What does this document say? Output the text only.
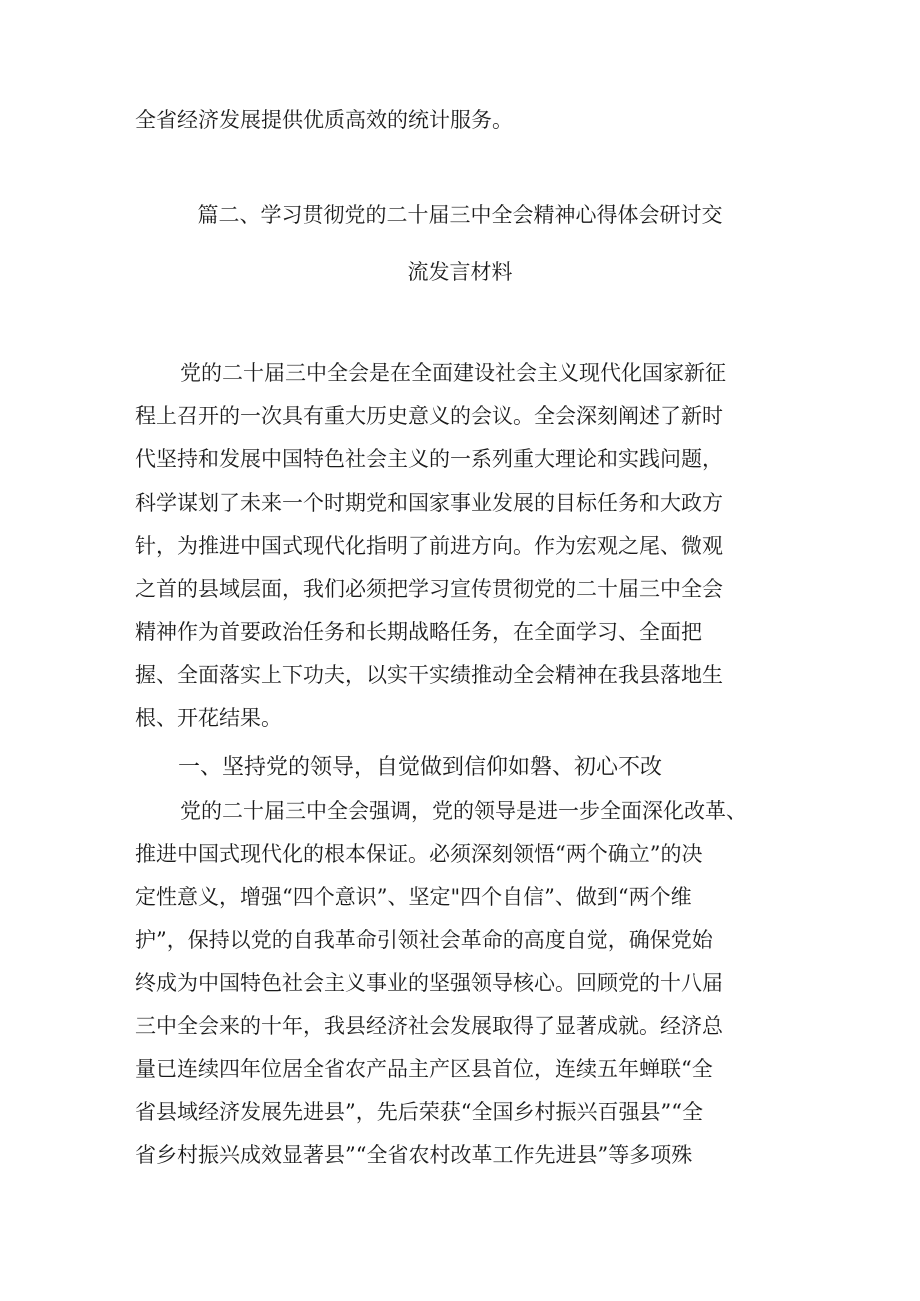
全省经济发展提供优质高效的统计服务。
篇二、学习贯彻党的二十届三中全会精神心得体会研讨交
流发言材料
党的二十届三中全会是在全面建设社会主义现代化国家新征
程上召开的一次具有重大历史意义的会议。全会深刻阐述了新时
代坚持和发展中国特色社会主义的一系列重大理论和实践问题，
科学谋划了未来一个时期党和国家事业发展的目标任务和大政方
针，为推进中国式现代化指明了前进方向。作为宏观之尾、微观
之首的县域层面，我们必须把学习宣传贯彻党的二十届三中全会
精神作为首要政治任务和长期战略任务，在全面学习、全面把
握、全面落实上下功夫，以实干实绩推动全会精神在我县落地生
根、开花结果。
一、坚持党的领导，自觉做到信仰如磐、初心不改
党的二十届三中全会强调，党的领导是进一步全面深化改革、
推进中国式现代化的根本保证。必须深刻领悟“两个确立”的决
定性意义，增强“四个意识”、坚定"四个自信”、做到“两个维
护”，保持以党的自我革命引领社会革命的高度自觉，确保党始
终成为中国特色社会主义事业的坚强领导核心。回顾党的十八届
三中全会来的十年，我县经济社会发展取得了显著成就。经济总
量已连续四年位居全省农产品主产区县首位，连续五年蝉联“全
省县域经济发展先进县”，先后荣获“全国乡村振兴百强县”“全
省乡村振兴成效显著县”“全省农村改革工作先进县”等多项殊
